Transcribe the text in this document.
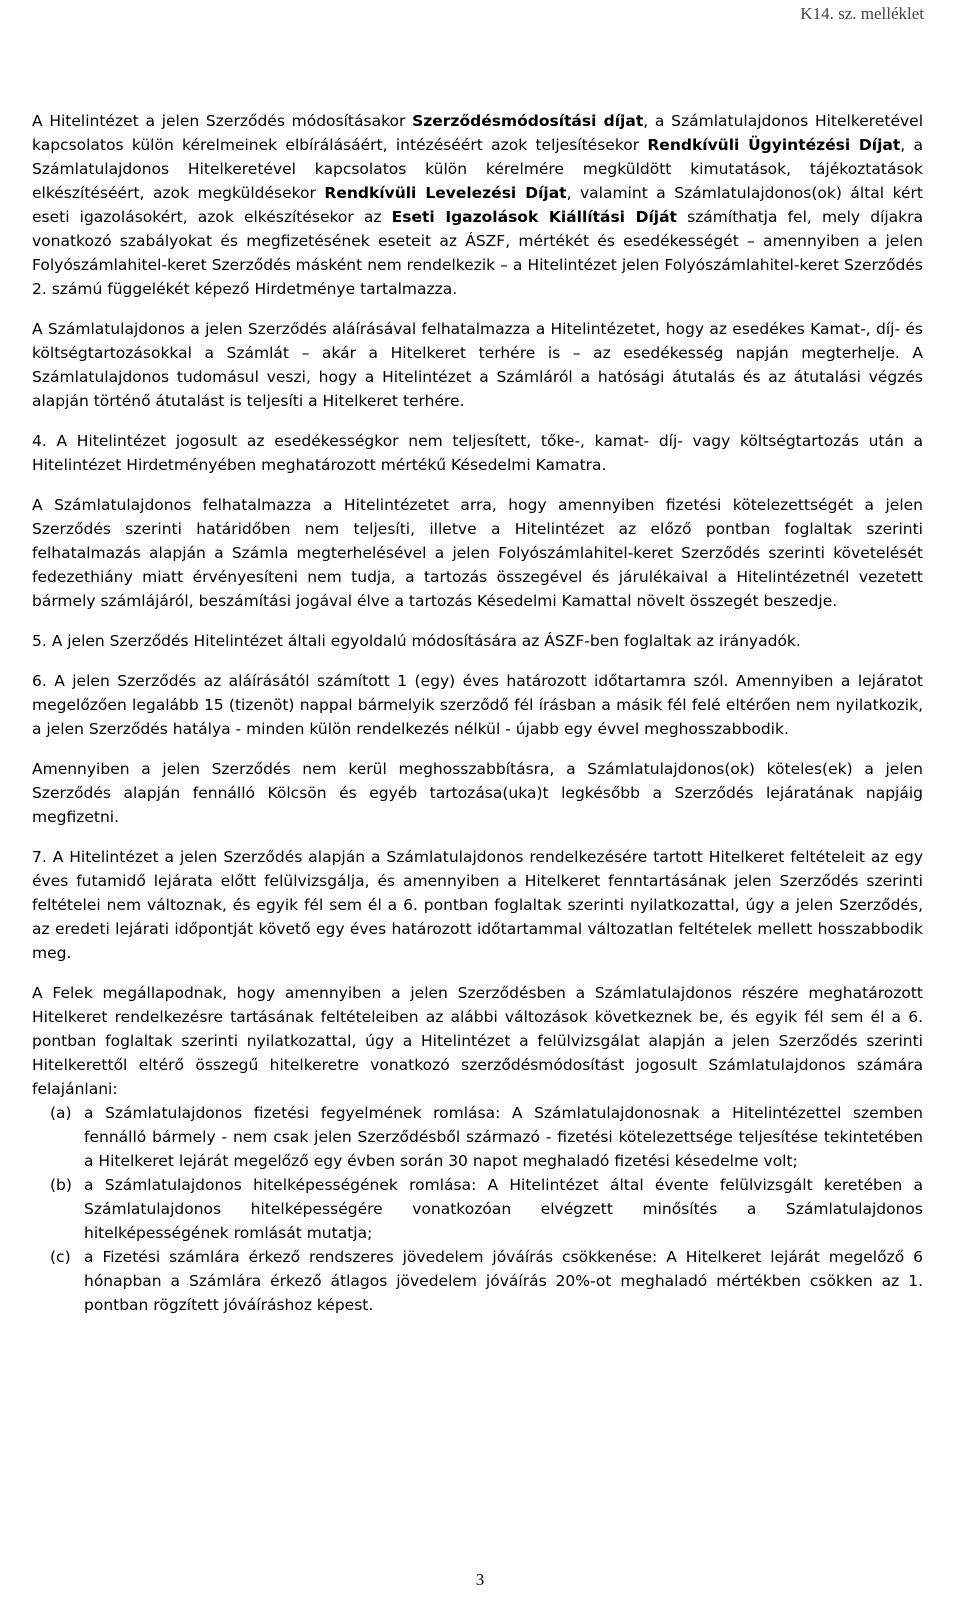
K14. sz. melléklet

A Hitelintézet a jelen Szerződés módosításakor Szerződésmódosítási díjat, a Számlatulajdonos Hitelkeretével kapcsolatos külön kérelmeinek elbírálásáért, intézéséért azok teljesítésekor Rendkívüli Ügyintézési Díjat, a Számlatulajdonos Hitelkeretével kapcsolatos külön kérelmére megküldött kimutatások, tájékoztatások elkészítéséért, azok megküldésekor Rendkívüli Levelezési Díjat, valamint a Számlatulajdonos(ok) által kért eseti igazolásokért, azok elkészítésekor az Eseti Igazolások Kiállítási Díját számíthatja fel, mely díjakra vonatkozó szabályokat és megfizetésének eseteit az ÁSZF, mértékét és esedékességét – amennyiben a jelen Folyószámlahitel-keret Szerződés másként nem rendelkezik – a Hitelintézet jelen Folyószámlahitel-keret Szerződés 2. számú függelékét képező Hirdetménye tartalmazza.

A Számlatulajdonos a jelen Szerződés aláírásával felhatalmazza a Hitelintézetet, hogy az esedékes Kamat-, díj- és költségtartozásokkal a Számlát – akár a Hitelkeret terhére is – az esedékesség napján megterhelje. A Számlatulajdonos tudomásul veszi, hogy a Hitelintézet a Számláról a hatósági átutalás és az átutalási végzés alapján történő átutalást is teljesíti a Hitelkeret terhére.

4. A Hitelintézet jogosult az esedékességkor nem teljesített, tőke-, kamat- díj- vagy költségtartozás után a Hitelintézet Hirdetményében meghatározott mértékű Késedelmi Kamatra.

A Számlatulajdonos felhatalmazza a Hitelintézetet arra, hogy amennyiben fizetési kötelezettségét a jelen Szerződés szerinti határidőben nem teljesíti, illetve a Hitelintézet az előző pontban foglaltak szerinti felhatalmazás alapján a Számla megterhelésével a jelen Folyószámlahitel-keret Szerződés szerinti követelését fedezethiány miatt érvényesíteni nem tudja, a tartozás összegével és járulékaival a Hitelintézetnél vezetett bármely számlájáról, beszámítási jogával élve a tartozás Késedelmi Kamattal növelt összegét beszedje.

5. A jelen Szerződés Hitelintézet általi egyoldalú módosítására az ÁSZF-ben foglaltak az irányadók.

6. A jelen Szerződés az aláírásától számított 1 (egy) éves határozott időtartamra szól. Amennyiben a lejáratot megelőzően legalább 15 (tizenöt) nappal bármelyik szerződő fél írásban a másik fél felé eltérően nem nyilatkozik, a jelen Szerződés hatálya - minden külön rendelkezés nélkül - újabb egy évvel meghosszabbodik.

Amennyiben a jelen Szerződés nem kerül meghosszabbításra, a Számlatulajdonos(ok) köteles(ek) a jelen Szerződés alapján fennálló Kölcsön és egyéb tartozása(uka)t legkésőbb a Szerződés lejáratának napjáig megfizetni.

7. A Hitelintézet a jelen Szerződés alapján a Számlatulajdonos rendelkezésére tartott Hitelkeret feltételeit az egy éves futamidő lejárata előtt felülvizsgálja, és amennyiben a Hitelkeret fenntartásának jelen Szerződés szerinti feltételei nem változnak, és egyik fél sem él a 6. pontban foglaltak szerinti nyilatkozattal, úgy a jelen Szerződés, az eredeti lejárati időpontját követő egy éves határozott időtartammal változatlan feltételek mellett hosszabbodik meg.

A Felek megállapodnak, hogy amennyiben a jelen Szerződésben a Számlatulajdonos részére meghatározott Hitelkeret rendelkezésre tartásának feltételeiben az alábbi változások következnek be, és egyik fél sem él a 6. pontban foglaltak szerinti nyilatkozattal, úgy a Hitelintézet a felülvizsgálat alapján a jelen Szerződés szerinti Hitelkerettől eltérő összegű hitelkeretre vonatkozó szerződésmódosítást jogosult Számlatulajdonos számára felajánlani:

(a) a Számlatulajdonos fizetési fegyelmének romlása: A Számlatulajdonosnak a Hitelintézettel szemben fennálló bármely - nem csak jelen Szerződésből származó - fizetési kötelezettsége teljesítése tekintetében a Hitelkeret lejárát megelőző egy évben során 30 napot meghaladó fizetési késedelme volt;
(b) a Számlatulajdonos hitelképességének romlása: A Hitelintézet által évente felülvizsgált keretében a Számlatulajdonos hitelképességére vonatkozóan elvégzett minősítés a Számlatulajdonos hitelképességének romlását mutatja;
(c) a Fizetési számlára érkező rendszeres jövedelem jóváírás csökkenése: A Hitelkeret lejárát megelőző 6 hónapban a Számlára érkező átlagos jövedelem jóváírás 20%-ot meghaladó mértékben csökken az 1. pontban rögzített jóváíráshoz képest.
3
